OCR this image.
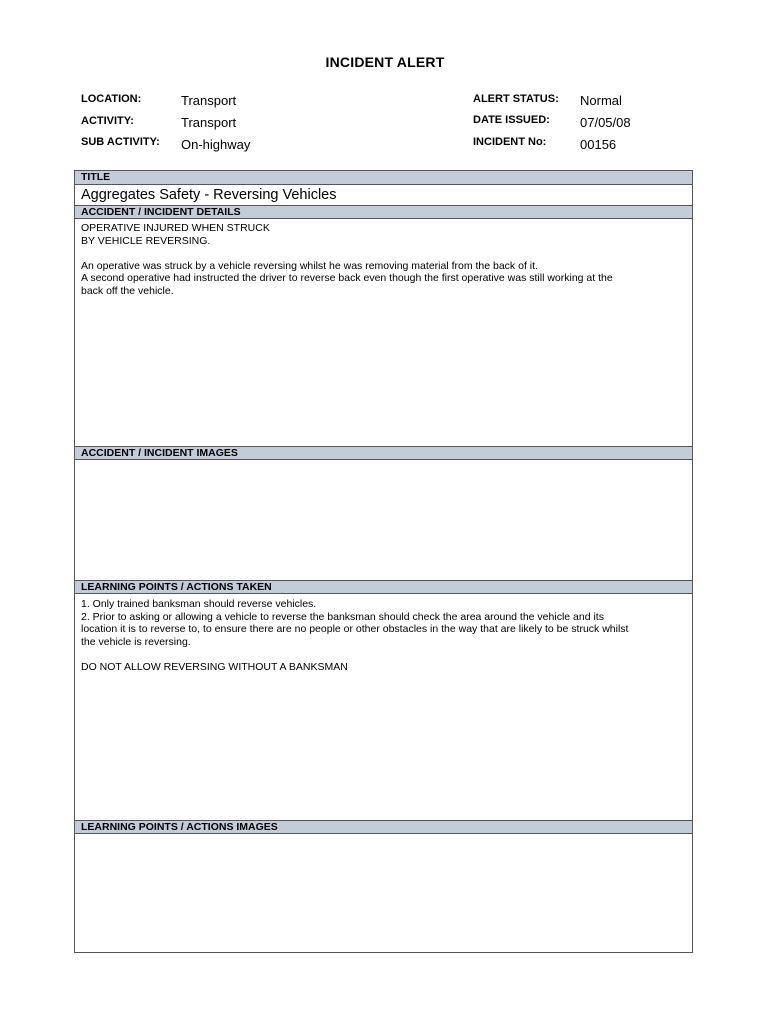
INCIDENT ALERT
LOCATION:	Transport
ACTIVITY:	Transport
SUB ACTIVITY: On-highway
ALERT STATUS: Normal
DATE ISSUED: 07/05/08
INCIDENT No:	00156
TITLE
Aggregates Safety - Reversing Vehicles
ACCIDENT / INCIDENT DETAILS

OPERATIVE INJURED WHEN STRUCK

BY VEHICLE REVERSING.

An operative was struck by a vehicle reversing whilst he was removing material from the back of it.

A second operative had instructed the driver to reverse back even though the first operative was still working at the

back off the vehicle.

ACCIDENT / INCIDENT IMAGES
LEARNING POINTS / ACTIONS TAKEN

1. Only trained banksman should reverse vehicles.

2. Prior to asking or allowing a vehicle to reverse the banksman should check the area around the vehicle and its

location it is to reverse to, to ensure there are no people or other obstacles in the way that are likely to be struck whilst

the vehicle is reversing.

DO NOT ALLOW REVERSING WITHOUT A BANKSMAN

LEARNING POINTS / ACTIONS IMAGES
